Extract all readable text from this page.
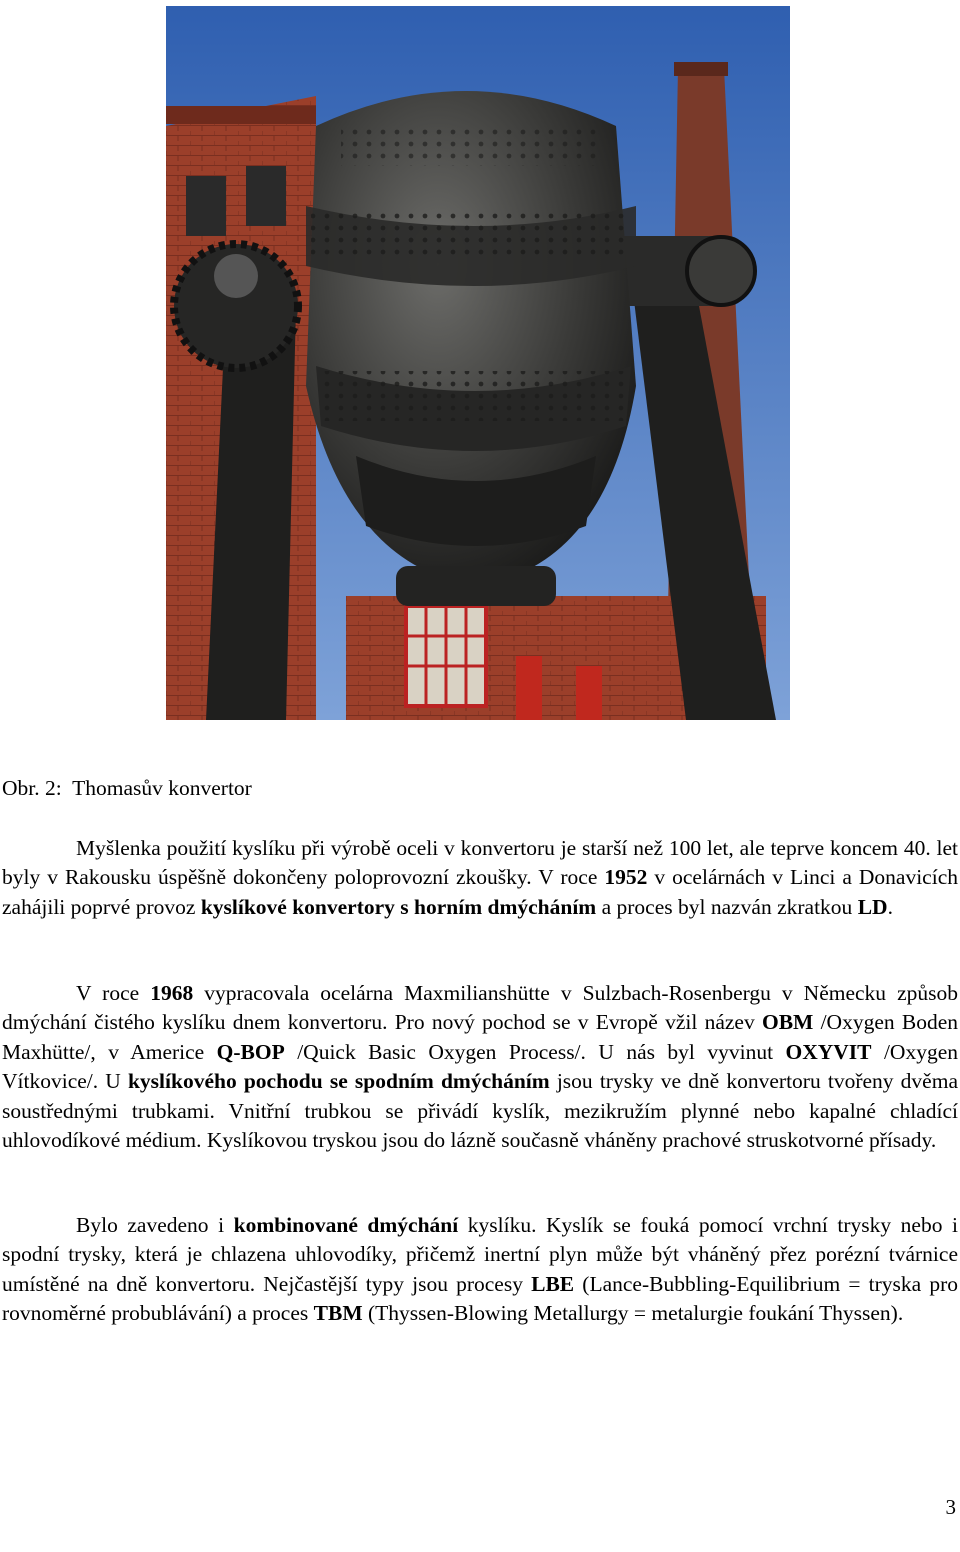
Obr. 2: Thomasův konvertor

Myšlenka použití kyslíku při výrobě oceli v konvertoru je starší než 100 let, ale teprve koncem 40. let byly v Rakousku úspěšně dokončeny poloprovozní zkoušky. V roce 1952 v ocelárnách v Linci a Donavicích zahájili poprvé provoz kyslíkové konvertory s horním dmýcháním a proces byl nazván zkratkou LD.

V roce 1968 vypracovala ocelárna Maxmilianshütte v Sulzbach-Rosenbergu v Německu způsob dmýchání čistého kyslíku dnem konvertoru. Pro nový pochod se v Evropě vžil název OBM /Oxygen Boden Maxhütte/, v Americe Q-BOP /Quick Basic Oxygen Process/. U nás byl vyvinut OXYVIT /Oxygen Vítkovice/. U kyslíkového pochodu se spodním dmýcháním jsou trysky ve dně konvertoru tvořeny dvěma soustřednými trubkami. Vnitřní trubkou se přivádí kyslík, mezikružím plynné nebo kapalné chladící uhlovodíkové médium. Kyslíkovou tryskou jsou do lázně současně vháněny prachové struskotvorné přísady.

Bylo zavedeno i kombinované dmýchání kyslíku. Kyslík se fouká pomocí vrchní trysky nebo i spodní trysky, která je chlazena uhlovodíky, přičemž inertní plyn může být vháněný přez porézní tvárnice umístěné na dně konvertoru. Nejčastější typy jsou procesy LBE (Lance-Bubbling-Equilibrium = tryska pro rovnoměrné probublávání) a proces TBM (Thyssen-Blowing Metallurgy = metalurgie foukání Thyssen).

3
